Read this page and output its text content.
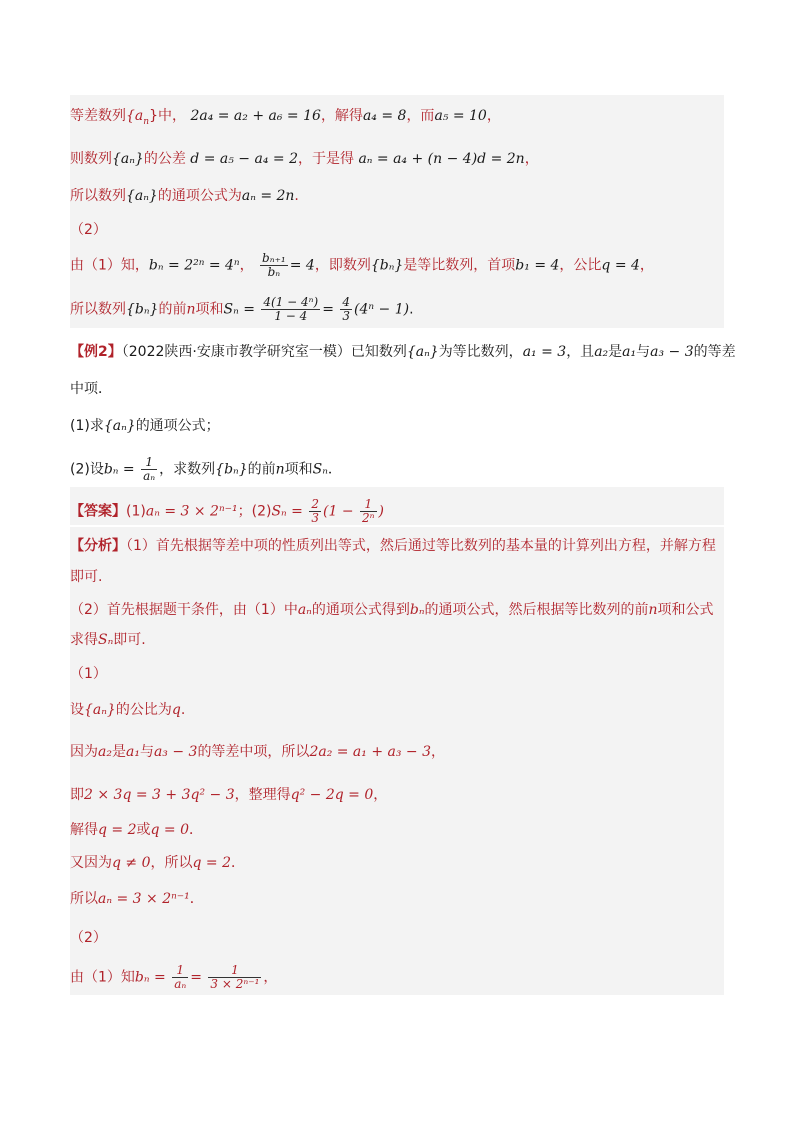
等差数列$\{a_n\}$中， 2a₄ = a₂ + a₆ = 16，解得a₄ = 8，而a₅ = 10，
则数列{aₙ}的公差 d = a₅ − a₄ = 2，于是得 aₙ = a₄ + (n − 4)d = 2n，
所以数列{aₙ}的通项公式为aₙ = 2n.
（2）
由（1）知，bₙ = 2²ⁿ = 4ⁿ， $\frac{\text{bₙ₊₁}}{\text{bₙ}} = 4$，即数列{bₙ}是等比数列，首项b₁ = 4，公比q = 4，
所以数列{bₙ}的前n项和$S_n = \frac{\text{4(1 − 4ⁿ)}}{1 - 4} = \frac{4}{3} (4^n - 1)$.
【例2】（2022陕西·安康市教学研究室一模）已知数列{aₙ}为等比数列，a₁ = 3，且a₂是a₁与a₃ − 3的等差
中项．
(1)求{aₙ}的通项公式；
(2)设$b_n = \frac{1}{\text{aₙ}}$ ，求数列{bₙ}的前n项和Sₙ．
【答案】(1)aₙ = 3 × 2ⁿ⁻¹；$(2)S_n = \frac{2}{3} (1 - \frac{1}{\text{2ⁿ}}$ )
【分析】（1）首先根据等差中项的性质列出等式，然后通过等比数列的基本量的计算列出方程，并解方程
即可.
（2）首先根据题干条件，由（1）中aₙ的通项公式得到bₙ的通项公式，然后根据等比数列的前n项和公式
求得Sₙ即可.
（1）
设{aₙ}的公比为q.
因为a₂是a₁与a₃ − 3的等差中项，所以2a₂ = a₁ + a₃ − 3，
即2 × 3q = 3 + 3q² − 3，整理得q² − 2q = 0，
解得q = 2或q = 0．
又因为q ≠ 0，所以q = 2．
所以aₙ = 3 × 2ⁿ⁻¹．
（2）
由（1）知$b_n = \frac{1}{\text{aₙ}} = \frac{1}{\text{3 × 2ⁿ⁻¹}}$ ，
